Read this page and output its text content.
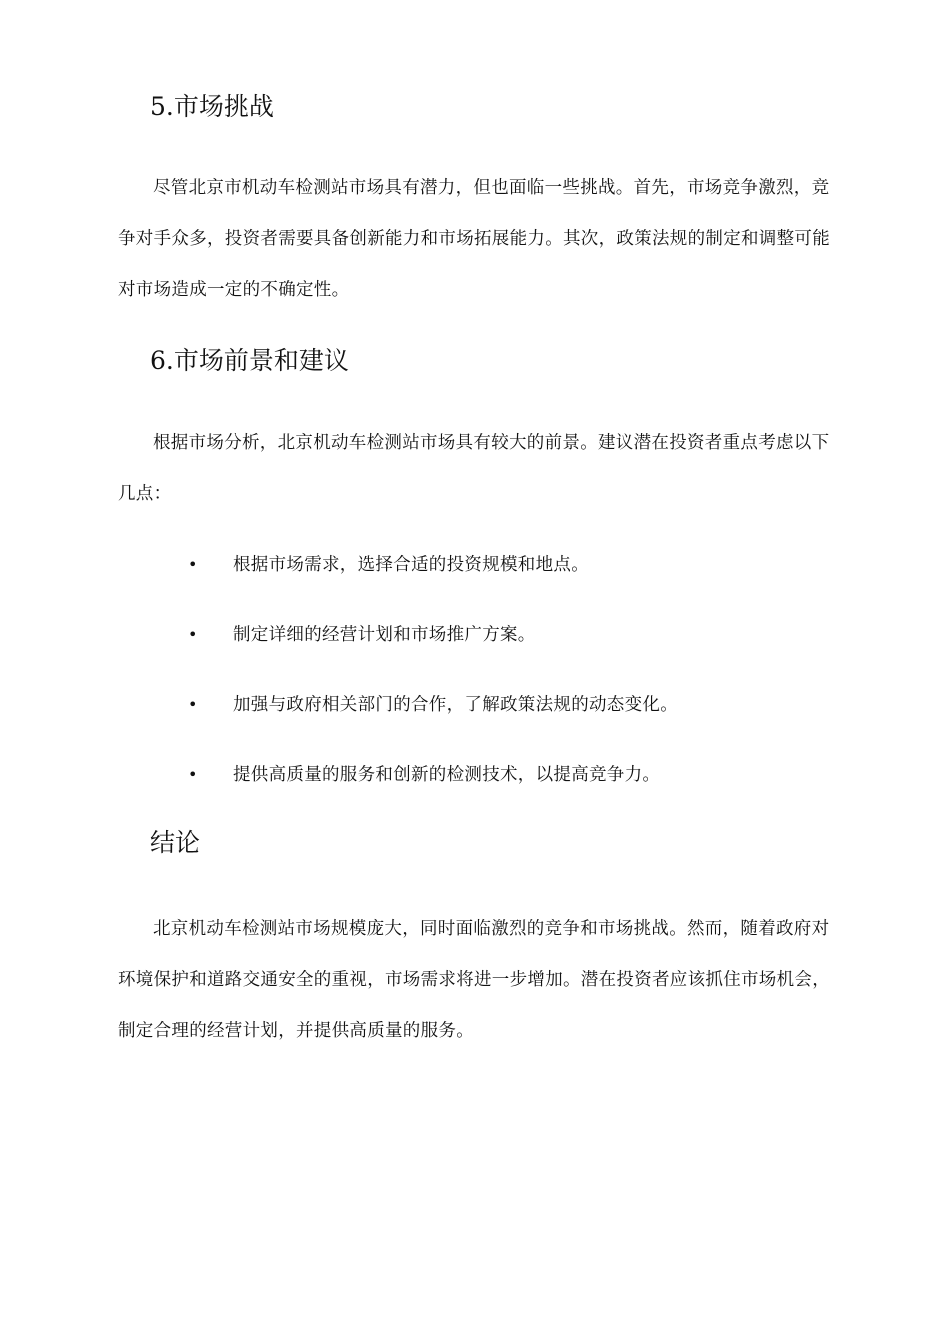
5.市场挑战

尽管北京市机动车检测站市场具有潜力，但也面临一些挑战。首先，市场竞争激烈，竞争对手众多，投资者需要具备创新能力和市场拓展能力。其次，政策法规的制定和调整可能对市场造成一定的不确定性。

6.市场前景和建议

根据市场分析，北京机动车检测站市场具有较大的前景。建议潜在投资者重点考虑以下几点：

•	根据市场需求，选择合适的投资规模和地点。
•	制定详细的经营计划和市场推广方案。
•	加强与政府相关部门的合作，了解政策法规的动态变化。
•	提供高质量的服务和创新的检测技术，以提高竞争力。
结论

北京机动车检测站市场规模庞大，同时面临激烈的竞争和市场挑战。然而，随着政府对环境保护和道路交通安全的重视，市场需求将进一步增加。潜在投资者应该抓住市场机会，制定合理的经营计划，并提供高质量的服务。
